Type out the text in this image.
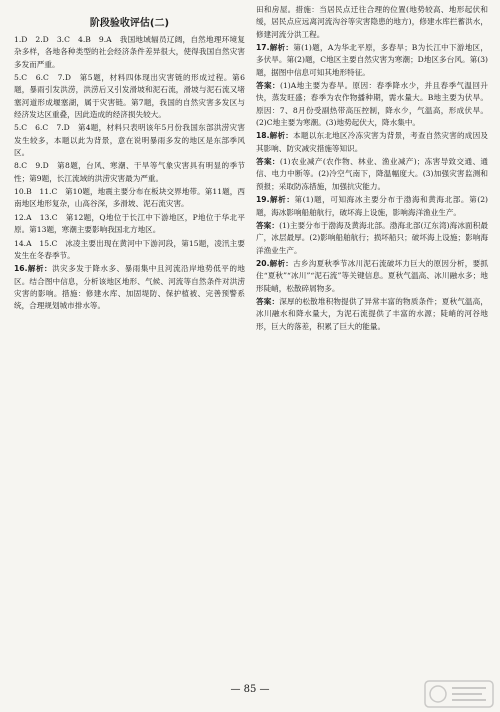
阶段验收评估(二)

1.D　2.D　3.C　4.B　9.A　我国地域辐员辽阔，自然地理环境复杂多样，各地各种类型的社会经济条件差异很大，使得我国自然灾害多发而严重。

5.C　6.C　7.D　第5题，材料四体现出灾害链的形成过程。第6题，暴雨引发洪涝，洪涝后又引发滑坡和泥石流，滑坡与泥石流又堵塞河道形成堰塞湖，属于灾害链。第7题，我国的自然灾害多发区与经济发达区重叠，因此造成的经济损失较大。

5.C　6.C　7.D　第4题，材料只表明该年5月份我国东部洪涝灾害发生较多，本题以此为背景，意在说明暴雨多发的地区是东部季风区。

8.C　9.D　第8题，台风、寒潮、干旱等气象灾害具有明显的季节性；第9题，长江流域的洪涝灾害最为严重。

10.B　11.C　第10题，地震主要分布在板块交界地带。第11题，西南地区地形复杂，山高谷深，多滑坡、泥石流灾害。

12.A　13.C　第12题，Q地位于长江中下游地区，P地位于华北平原。第13题，寒潮主要影响我国北方地区。

14.A　15.C　冰凌主要出现在黄河中下游河段，第15题，凌汛主要发生在冬春季节。

16.解析：洪灾多发于降水多、暴雨集中且河流沿岸地势低平的地区。结合图中信息，分析该地区地形、气候、河流等自然条件对洪涝灾害的影响。措施：修建水库、加固堤防、保护植被、完善预警系统，合理规划城市排水等。

田和房屋。措施：当居民点迁往合理的位置(地势较高、地形起伏和缓，居民点应远离河流沟谷等灾害隐患的地方)，修建水库拦蓄洪水，修建河流分洪工程。

17.解析：第(1)题，A为华北平原，多春旱；B为长江中下游地区，多伏旱。第(2)题，C地区主要自然灾害为寒潮；D地区多台风。第(3)题，据图中信息可知其地形特征。

答案：(1)A地主要为春旱。原因：春季降水少，并且春季气温回升快，蒸发旺盛；春季为农作物播种期，需水量大。B地主要为伏旱。原因：7、8月份受副热带高压控制，降水少，气温高，形成伏旱。(2)C地主要为寒潮。(3)地势起伏大，降水集中。

18.解析：本题以东北地区冷冻灾害为背景，考查自然灾害的成因及其影响、防灾减灾措施等知识。

答案：(1)农业减产(农作物、林业、渔业减产)；冻害导致交通、通信、电力中断等。(2)冷空气南下，降温幅度大。(3)加强灾害监测和预报；采取防冻措施，加强抗灾能力。

19.解析：第(1)题，可知海冰主要分布于渤海和黄海北部。第(2)题，海冰影响船舶航行，破坏海上设施，影响海洋渔业生产。

答案：(1)主要分布于渤海及黄海北部。渤海北部(辽东湾)海冰面积最广，冰层最厚。(2)影响船舶航行；损坏船只；破坏海上设施；影响海洋渔业生产。

20.解析：古乡沟夏秋季节冰川泥石流破坏力巨大的原因分析，要抓住“夏秋”“冰川”“泥石流”等关键信息。夏秋气温高、冰川融水多；地形陡峭，松散碎屑物多。

答案：深厚的松散堆积物提供了异常丰富的物质条件；夏秋气温高，冰川融水和降水量大，为泥石流提供了丰富的水源；陡峭的河谷地形，巨大的落差，积累了巨大的能量。

— 85 —
